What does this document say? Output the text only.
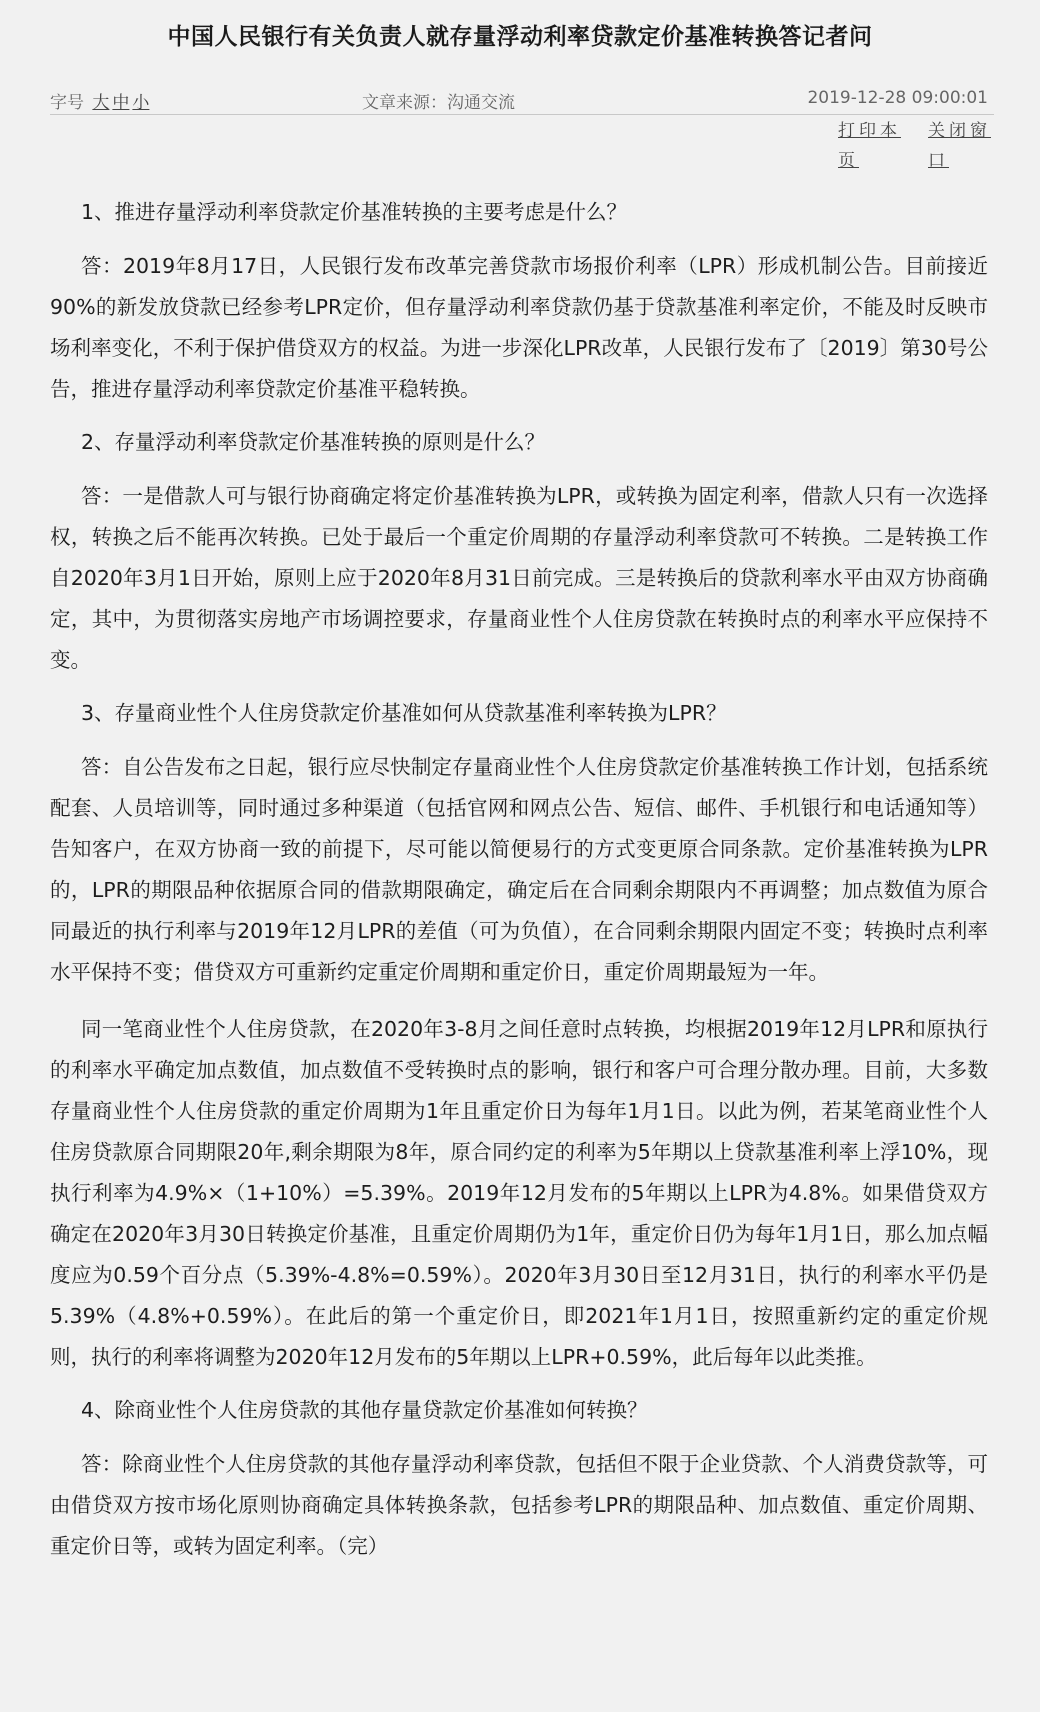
中国人民银行有关负责人就存量浮动利率贷款定价基准转换答记者问
字号 大 中 小	文章来源：沟通交流	2019-12-28 09:00:01
打印本页
关闭窗口

1、推进存量浮动利率贷款定价基准转换的主要考虑是什么？

答：2019年8月17日，人民银行发布改革完善贷款市场报价利率（LPR）形成机制公告。目前接近90%的新发放贷款已经参考LPR定价，但存量浮动利率贷款仍基于贷款基准利率定价，不能及时反映市场利率变化，不利于保护借贷双方的权益。为进一步深化LPR改革，人民银行发布了〔2019〕第30号公告，推进存量浮动利率贷款定价基准平稳转换。

2、存量浮动利率贷款定价基准转换的原则是什么？

答：一是借款人可与银行协商确定将定价基准转换为LPR，或转换为固定利率，借款人只有一次选择权，转换之后不能再次转换。已处于最后一个重定价周期的存量浮动利率贷款可不转换。二是转换工作自2020年3月1日开始，原则上应于2020年8月31日前完成。三是转换后的贷款利率水平由双方协商确定，其中，为贯彻落实房地产市场调控要求，存量商业性个人住房贷款在转换时点的利率水平应保持不变。

3、存量商业性个人住房贷款定价基准如何从贷款基准利率转换为LPR？

答：自公告发布之日起，银行应尽快制定存量商业性个人住房贷款定价基准转换工作计划，包括系统配套、人员培训等，同时通过多种渠道（包括官网和网点公告、短信、邮件、手机银行和电话通知等）告知客户，在双方协商一致的前提下，尽可能以简便易行的方式变更原合同条款。定价基准转换为LPR的，LPR的期限品种依据原合同的借款期限确定，确定后在合同剩余期限内不再调整；加点数值为原合同最近的执行利率与2019年12月LPR的差值（可为负值），在合同剩余期限内固定不变；转换时点利率水平保持不变；借贷双方可重新约定重定价周期和重定价日，重定价周期最短为一年。

同一笔商业性个人住房贷款，在2020年3-8月之间任意时点转换，均根据2019年12月LPR和原执行的利率水平确定加点数值，加点数值不受转换时点的影响，银行和客户可合理分散办理。目前，大多数存量商业性个人住房贷款的重定价周期为1年且重定价日为每年1月1日。以此为例，若某笔商业性个人住房贷款原合同期限20年,剩余期限为8年，原合同约定的利率为5年期以上贷款基准利率上浮10%，现执行利率为4.9%×（1+10%）=5.39%。2019年12月发布的5年期以上LPR为4.8%。如果借贷双方确定在2020年3月30日转换定价基准，且重定价周期仍为1年，重定价日仍为每年1月1日，那么加点幅度应为0.59个百分点（5.39%-4.8%=0.59%）。2020年3月30日至12月31日，执行的利率水平仍是5.39%（4.8%+0.59%）。在此后的第一个重定价日，即2021年1月1日，按照重新约定的重定价规则，执行的利率将调整为2020年12月发布的5年期以上LPR+0.59%，此后每年以此类推。

4、除商业性个人住房贷款的其他存量贷款定价基准如何转换？

答：除商业性个人住房贷款的其他存量浮动利率贷款，包括但不限于企业贷款、个人消费贷款等，可由借贷双方按市场化原则协商确定具体转换条款，包括参考LPR的期限品种、加点数值、重定价周期、重定价日等，或转为固定利率。（完）
